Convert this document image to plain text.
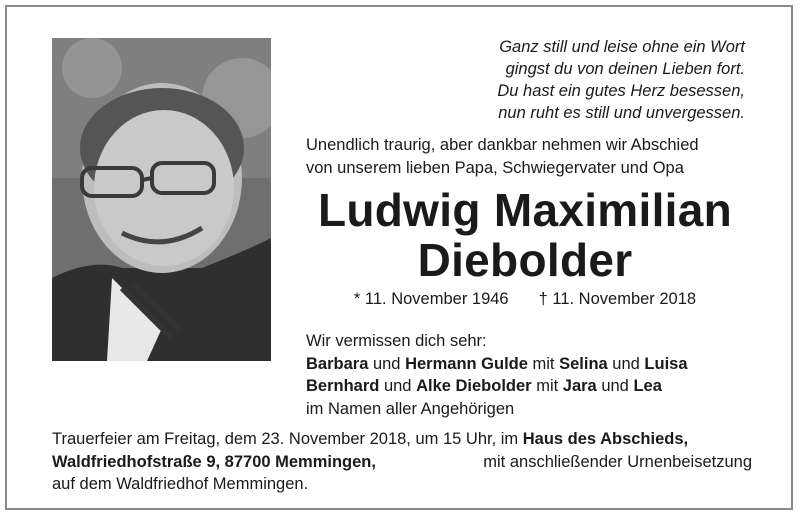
Ganz still und leise ohne ein Wort
gingst du von deinen Lieben fort.
Du hast ein gutes Herz besessen,
nun ruht es still und unvergessen.
Unendlich traurig, aber dankbar nehmen wir Abschied
von unserem lieben Papa, Schwiegervater und Opa
Ludwig Maximilian
Diebolder
* 11. November 1946 † 11. November 2018
Wir vermissen dich sehr:
Barbara und Hermann Gulde mit Selina und Luisa
Bernhard und Alke Diebolder mit Jara und Lea
im Namen aller Angehörigen
Trauerfeier am Freitag, dem 23. November 2018, um 15 Uhr, im Haus des Abschieds,
Waldfriedhofstraße 9, 87700 Memmingen,	mit anschließender Urnenbeisetzung
auf dem Waldfriedhof Memmingen.
